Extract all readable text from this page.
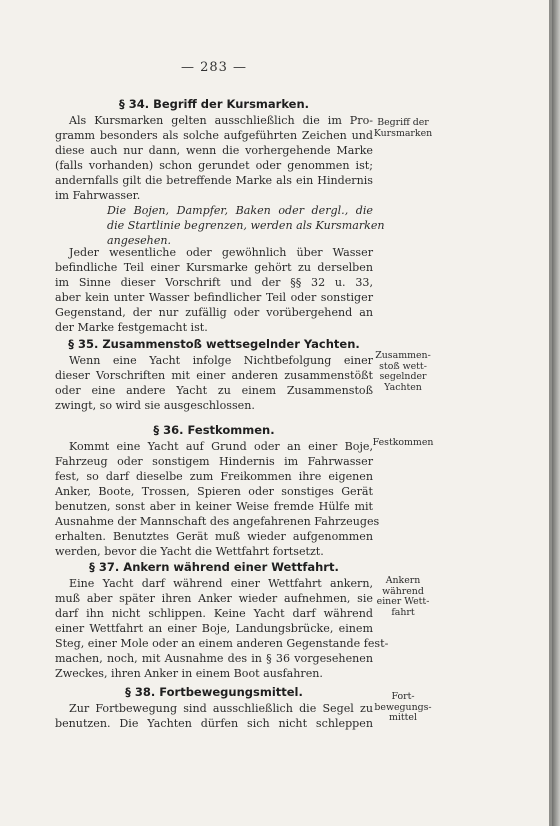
— 283 —
§ 34. Begriff der Kursmarken.
Als Kursmarken gelten ausschließlich die im Pro-
gramm besonders als solche aufgeführten Zeichen und
diese auch nur dann, wenn die vorhergehende Marke
(falls vorhanden) schon gerundet oder genommen ist;
andernfalls gilt die betreffende Marke als ein Hindernis
im Fahrwasser.
Die Bojen, Dampfer, Baken oder dergl., die
die Startlinie begrenzen, werden als Kursmarken
angesehen.
Jeder wesentliche oder gewöhnlich über Wasser
befindliche Teil einer Kursmarke gehört zu derselben
im Sinne dieser Vorschrift und der §§ 32 u. 33,
aber kein unter Wasser befindlicher Teil oder sonstiger
Gegenstand, der nur zufällig oder vorübergehend an
der Marke festgemacht ist.
§ 35. Zusammenstoß wettsegelnder Yachten.
Wenn eine Yacht infolge Nichtbefolgung einer
dieser Vorschriften mit einer anderen zusammenstößt
oder eine andere Yacht zu einem Zusammenstoß
zwingt, so wird sie ausgeschlossen.
§ 36. Festkommen.
Kommt eine Yacht auf Grund oder an einer Boje,
Fahrzeug oder sonstigem Hindernis im Fahrwasser
fest, so darf dieselbe zum Freikommen ihre eigenen
Anker, Boote, Trossen, Spieren oder sonstiges Gerät
benutzen, sonst aber in keiner Weise fremde Hülfe mit
Ausnahme der Mannschaft des angefahrenen Fahrzeuges
erhalten. Benutztes Gerät muß wieder aufgenommen
werden, bevor die Yacht die Wettfahrt fortsetzt.
§ 37. Ankern während einer Wettfahrt.
Eine Yacht darf während einer Wettfahrt ankern,
muß aber später ihren Anker wieder aufnehmen, sie
darf ihn nicht schlippen. Keine Yacht darf während
einer Wettfahrt an einer Boje, Landungsbrücke, einem
Steg, einer Mole oder an einem anderen Gegenstande fest-
machen, noch, mit Ausnahme des in § 36 vorgesehenen
Zweckes, ihren Anker in einem Boot ausfahren.
§ 38. Fortbewegungsmittel.
Zur Fortbewegung sind ausschließlich die Segel zu
benutzen. Die Yachten dürfen sich nicht schleppen
Begriff der
Kursmarken
Zusammen-
stoß wett-
segelnder
Yachten
Festkommen
Ankern
während
einer Wett-
fahrt
Fort-
bewegungs-
mittel
